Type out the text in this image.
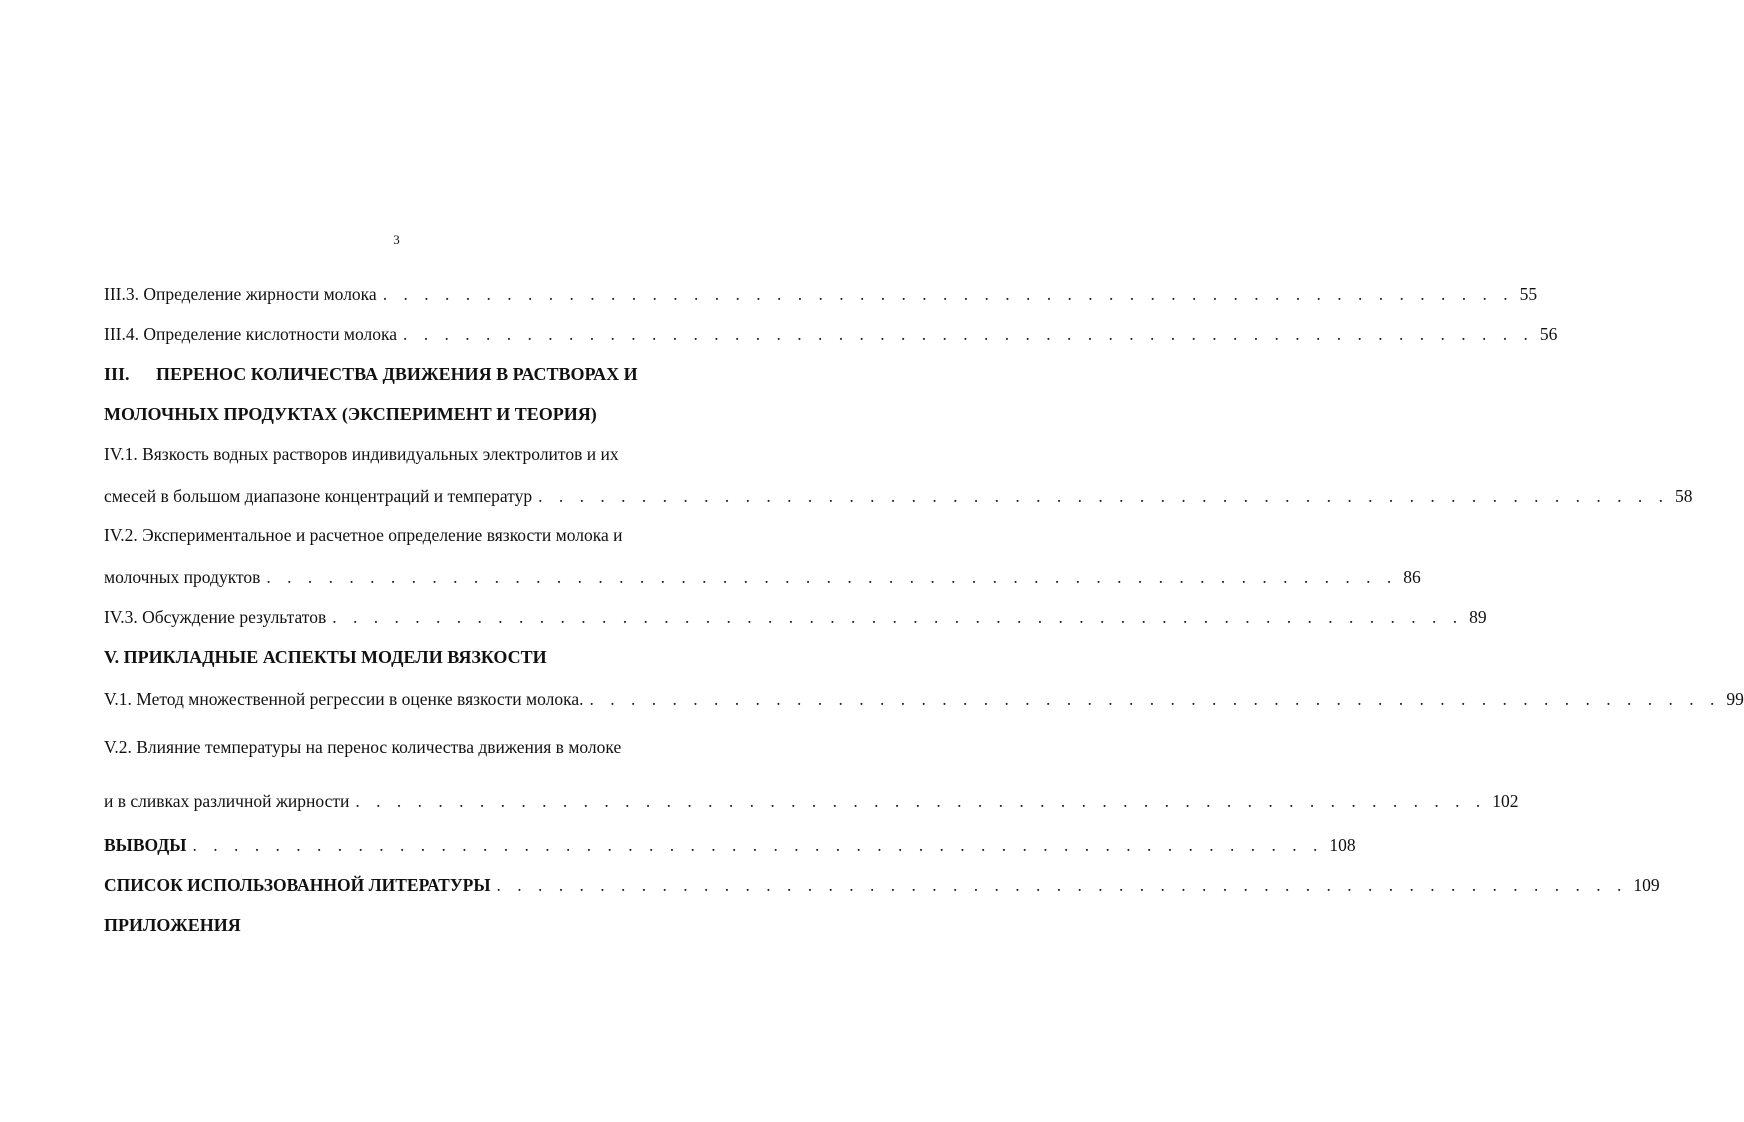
3
III.3. Определение жирности молока . . . . . . . . . . . . . . . . . . . . . . . . . . . . . . . . . . . . . . . . . . . . . . . . . . . . . . . 55
III.4. Определение кислотности молока . . . . . . . . . . . . . . . . . . . . . . . . . . . . . . . . . . . . . . . . . . . . . . . . . . . . . . . 56
III. ПЕРЕНОС КОЛИЧЕСТВА ДВИЖЕНИЯ В РАСТВОРАХ И
МОЛОЧНЫХ ПРОДУКТАХ (ЭКСПЕРИМЕНТ И ТЕОРИЯ)
IV.1. Вязкость водных растворов индивидуальных электролитов и их
смесей в большом диапазоне концентраций и температур . . . . . . . . . . . . . . . . . . . . . . . . . . . . . . . . . . . . . . . . . . . . . . . . . . . . . . . 58
IV.2. Экспериментальное и расчетное определение вязкости молока и
молочных продуктов . . . . . . . . . . . . . . . . . . . . . . . . . . . . . . . . . . . . . . . . . . . . . . . . . . . . . . . 86
IV.3. Обсуждение результатов . . . . . . . . . . . . . . . . . . . . . . . . . . . . . . . . . . . . . . . . . . . . . . . . . . . . . . . 89
V. ПРИКЛАДНЫЕ АСПЕКТЫ МОДЕЛИ ВЯЗКОСТИ
V.1. Метод множественной регрессии в оценке вязкости молока. . . . . . . . . . . . . . . . . . . . . . . . . . . . . . . . . . . . . . . . . . . . . . . . . . . . . . . . 99
V.2. Влияние температуры на перенос количества движения в молоке
и в сливках различной жирности . . . . . . . . . . . . . . . . . . . . . . . . . . . . . . . . . . . . . . . . . . . . . . . . . . . . . . . 102
ВЫВОДЫ . . . . . . . . . . . . . . . . . . . . . . . . . . . . . . . . . . . . . . . . . . . . . . . . . . . . . . . 108
СПИСОК ИСПОЛЬЗОВАННОЙ ЛИТЕРАТУРЫ . . . . . . . . . . . . . . . . . . . . . . . . . . . . . . . . . . . . . . . . . . . . . . . . . . . . . . . 109
ПРИЛОЖЕНИЯ
